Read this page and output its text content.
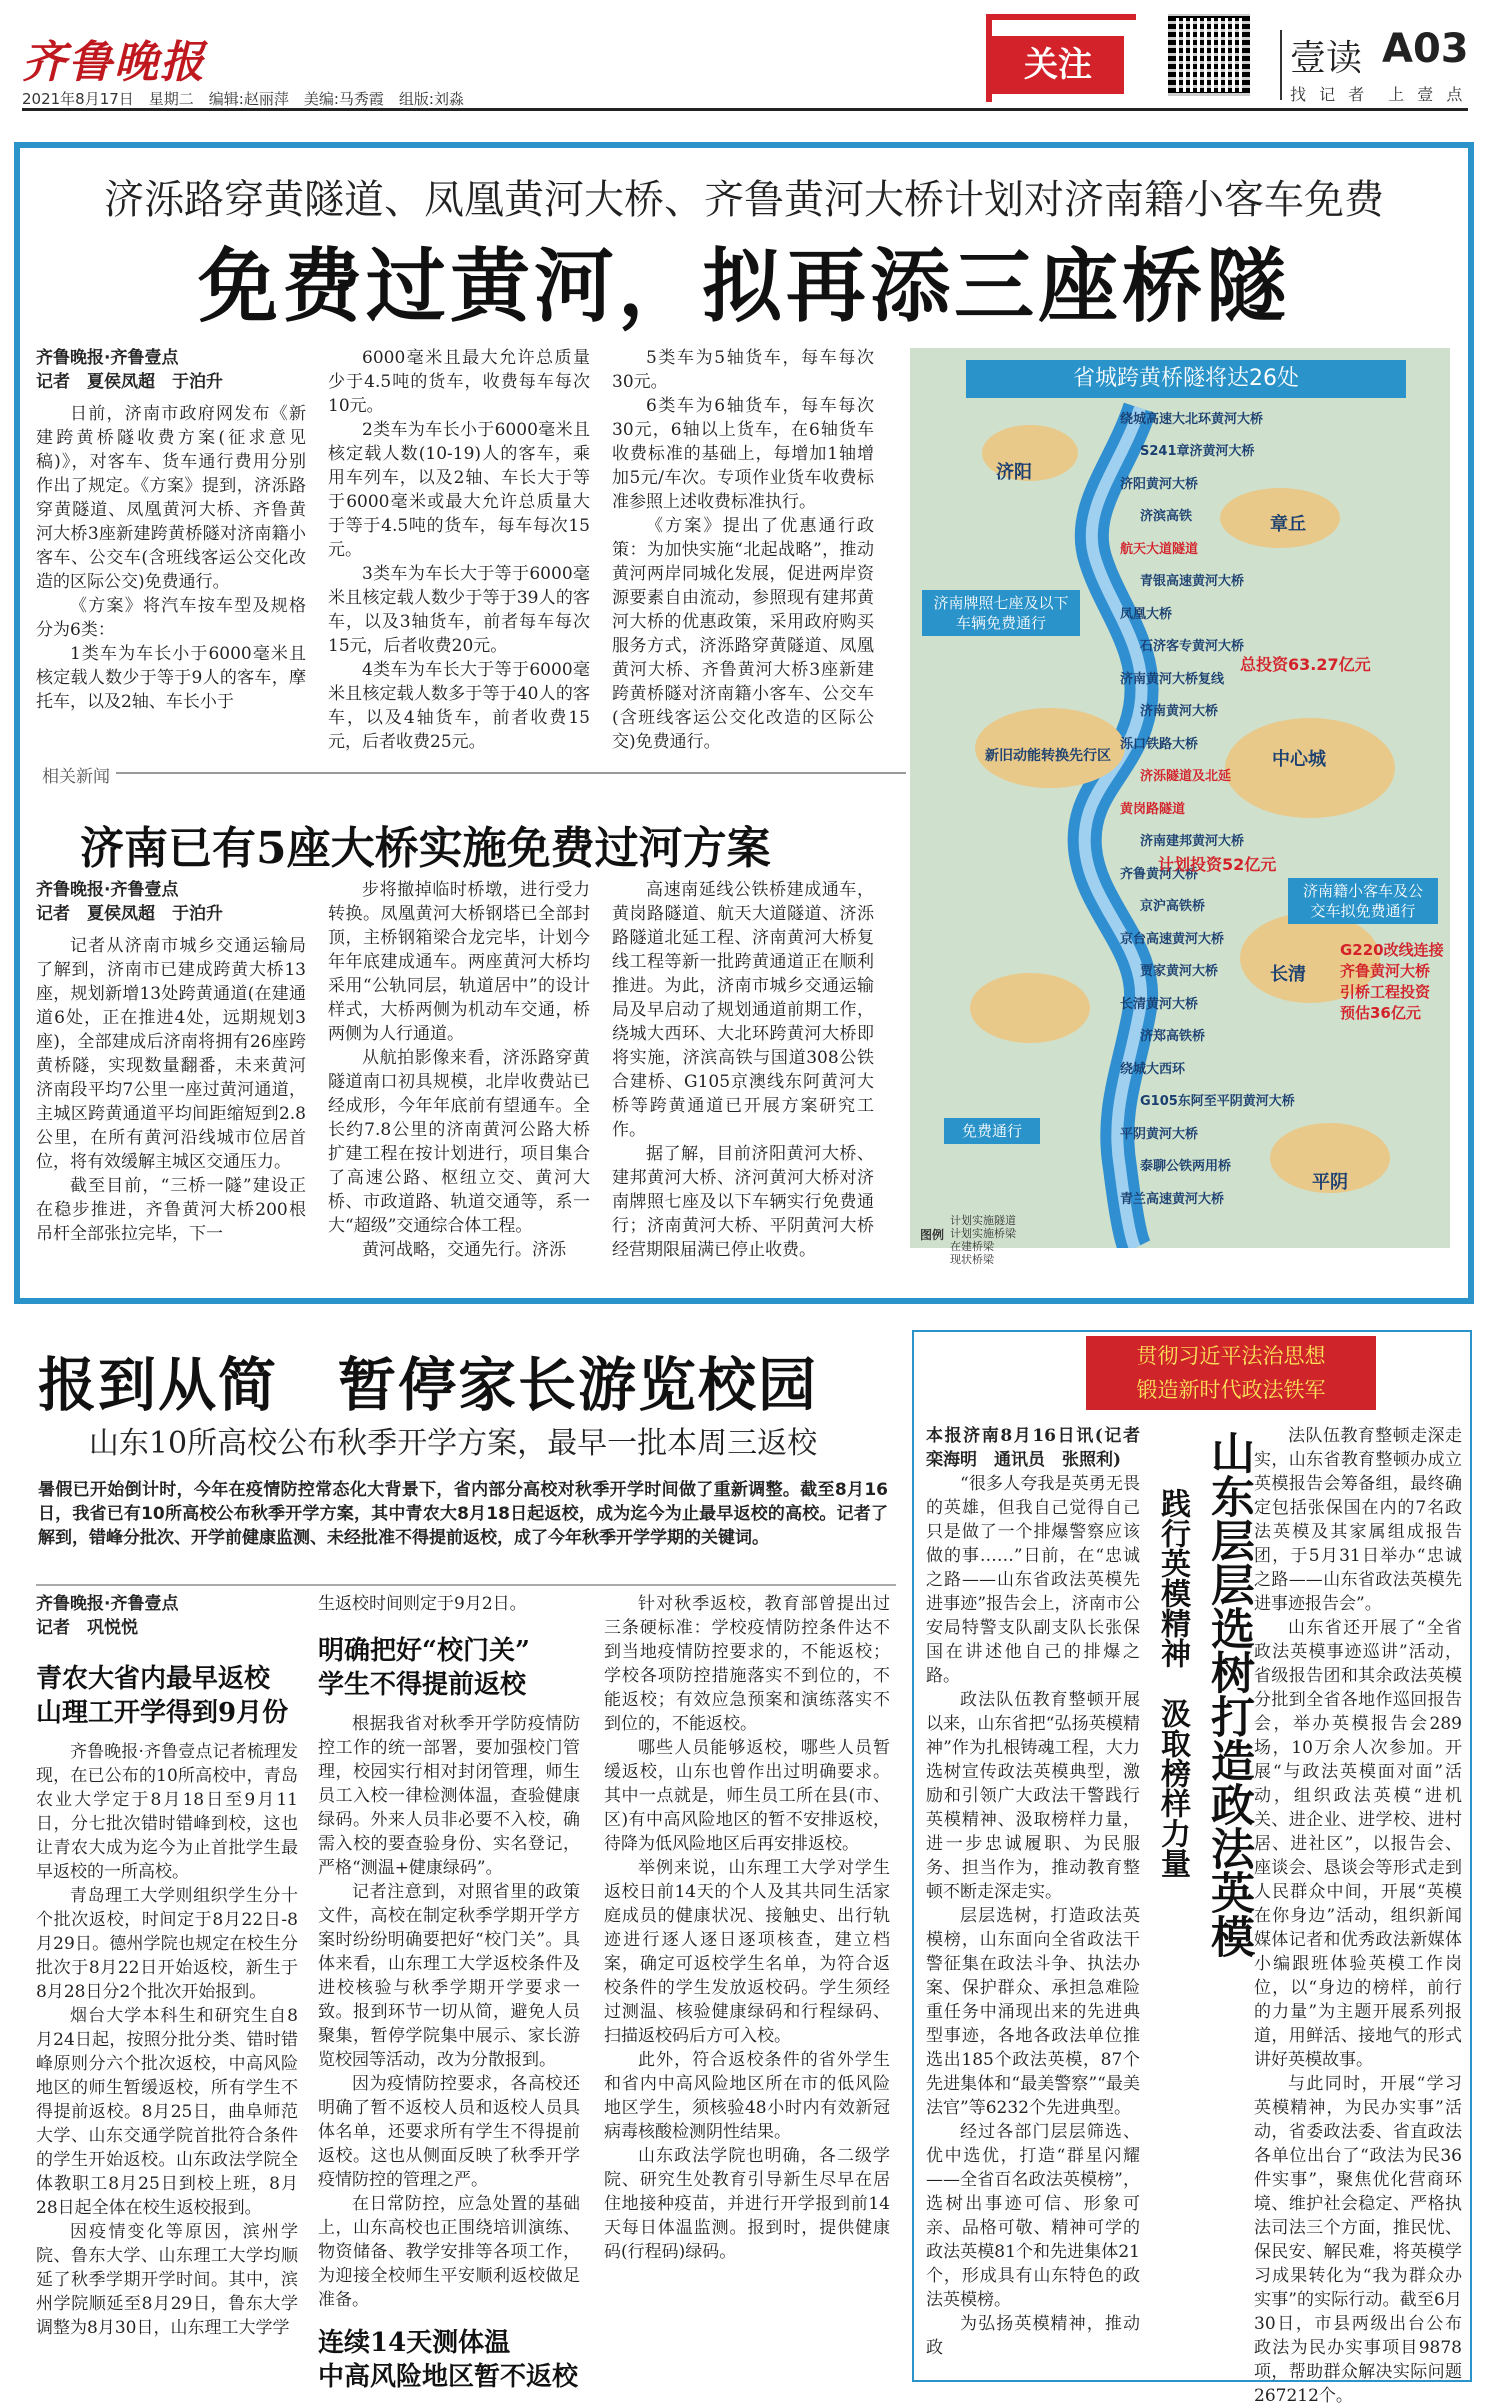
齐鲁晚报
2021年8月17日　星期二　编辑:赵丽萍　美编:马秀霞　组版:刘淼
关注	壹读 A03
找 记 者　上 壹 点
济泺路穿黄隧道、凤凰黄河大桥、齐鲁黄河大桥计划对济南籍小客车免费
免费过黄河，拟再添三座桥隧
齐鲁晚报·齐鲁壹点
记者　夏侯凤超　于泊升

日前，济南市政府网发布《新建跨黄桥隧收费方案(征求意见稿)》，对客车、货车通行费用分别作出了规定。《方案》提到，济泺路穿黄隧道、凤凰黄河大桥、齐鲁黄河大桥3座新建跨黄桥隧对济南籍小客车、公交车(含班线客运公交化改造的区际公交)免费通行。

《方案》将汽车按车型及规格分为6类：

1类车为车长小于6000毫米且核定载人数少于等于9人的客车，摩托车，以及2轴、车长小于

6000毫米且最大允许总质量少于4.5吨的货车，收费每车每次10元。

2类车为车长小于6000毫米且核定载人数(10-19)人的客车，乘用车列车，以及2轴、车长大于等于6000毫米或最大允许总质量大于等于4.5吨的货车，每车每次15元。

3类车为车长大于等于6000毫米且核定载人数少于等于39人的客车，以及3轴货车，前者每车每次15元，后者收费20元。

4类车为车长大于等于6000毫米且核定载人数多于等于40人的客车，以及4轴货车，前者收费15元，后者收费25元。

5类车为5轴货车，每车每次30元。

6类车为6轴货车，每车每次30元，6轴以上货车，在6轴货车收费标准的基础上，每增加1轴增加5元/车次。专项作业货车收费标准参照上述收费标准执行。

《方案》提出了优惠通行政策：为加快实施“北起战略”，推动黄河两岸同城化发展，促进两岸资源要素自由流动，参照现有建邦黄河大桥的优惠政策，采用政府购买服务方式，济泺路穿黄隧道、凤凰黄河大桥、齐鲁黄河大桥3座新建跨黄桥隧对济南籍小客车、公交车(含班线客运公交化改造的区际公交)免费通行。

相关新闻
济南已有5座大桥实施免费过河方案
齐鲁晚报·齐鲁壹点
记者　夏侯凤超　于泊升

记者从济南市城乡交通运输局了解到，济南市已建成跨黄大桥13座，规划新增13处跨黄通道(在建通道6处，正在推进4处，远期规划3座)，全部建成后济南将拥有26座跨黄桥隧，实现数量翻番，未来黄河济南段平均7公里一座过黄河通道，主城区跨黄通道平均间距缩短到2.8公里，在所有黄河沿线城市位居首位，将有效缓解主城区交通压力。

截至目前，“三桥一隧”建设正在稳步推进，齐鲁黄河大桥200根吊杆全部张拉完毕，下一

步将撤掉临时桥墩，进行受力转换。凤凰黄河大桥钢塔已全部封顶，主桥钢箱梁合龙完毕，计划今年年底建成通车。两座黄河大桥均采用“公轨同层，轨道居中”的设计样式，大桥两侧为机动车交通，桥两侧为人行通道。

从航拍影像来看，济泺路穿黄隧道南口初具规模，北岸收费站已经成形，今年年底前有望通车。全长约7.8公里的济南黄河公路大桥扩建工程在按计划进行，项目集合了高速公路、枢纽立交、黄河大桥、市政道路、轨道交通等，系一大“超级”交通综合体工程。

黄河战略，交通先行。济泺

高速南延线公铁桥建成通车，黄岗路隧道、航天大道隧道、济泺路隧道北延工程、济南黄河大桥复线工程等新一批跨黄通道正在顺利推进。为此，济南市城乡交通运输局及早启动了规划通道前期工作，绕城大西环、大北环跨黄河大桥即将实施，济滨高铁与国道308公铁合建桥、G105京澳线东阿黄河大桥等跨黄通道已开展方案研究工作。

据了解，目前济阳黄河大桥、建邦黄河大桥、济河黄河大桥对济南牌照七座及以下车辆实行免费通行；济南黄河大桥、平阴黄河大桥经营期限届满已停止收费。

省城跨黄桥隧将达26处
绕城高速大北环黄河大桥
S241章济黄河大桥
济阳黄河大桥
济滨高铁
航天大道隧道
青银高速黄河大桥
凤凰大桥
石济客专黄河大桥
济南黄河大桥复线
济南黄河大桥
泺口铁路大桥
济泺隧道及北延
黄岗路隧道
济南建邦黄河大桥
齐鲁黄河大桥
京沪高铁桥
京台高速黄河大桥
贾家黄河大桥
长清黄河大桥
济郑高铁桥
绕城大西环
G105东阿至平阴黄河大桥
平阴黄河大桥
泰聊公铁两用桥
青兰高速黄河大桥
济阳
章丘
新旧动能转换先行区	中心城
长清
平阴
济南牌照七座及以下车辆免费通行
总投资63.27亿元
计划投资52亿元
济南籍小客车及公交车拟免费通行
G220改线连接齐鲁黄河大桥引桥工程投资预估36亿元
免费通行
图例
计划实施隧道
计划实施桥梁
在建桥梁
现状桥梁
报到从简　暂停家长游览校园
山东10所高校公布秋季开学方案，最早一批本周三返校
暑假已开始倒计时，今年在疫情防控常态化大背景下，省内部分高校对秋季开学时间做了重新调整。截至8月16日，我省已有10所高校公布秋季开学方案，其中青农大8月18日起返校，成为迄今为止最早返校的高校。记者了解到，错峰分批次、开学前健康监测、未经批准不得提前返校，成了今年秋季开学学期的关键词。
齐鲁晚报·齐鲁壹点
记者　巩悦悦
青农大省内最早返校
山理工开学得到9月份

齐鲁晚报·齐鲁壹点记者梳理发现，在已公布的10所高校中，青岛农业大学定于8月18日至9月11日，分七批次错时错峰到校，这也让青农大成为迄今为止首批学生最早返校的一所高校。

青岛理工大学则组织学生分十个批次返校，时间定于8月22日-8月29日。德州学院也规定在校生分批次于8月22日开始返校，新生于8月28日分2个批次开始报到。

烟台大学本科生和研究生自8月24日起，按照分批分类、错时错峰原则分六个批次返校，中高风险地区的师生暂缓返校，所有学生不得提前返校。8月25日，曲阜师范大学、山东交通学院首批符合条件的学生开始返校。山东政法学院全体教职工8月25日到校上班，8月28日起全体在校生返校报到。

因疫情变化等原因，滨州学院、鲁东大学、山东理工大学均顺延了秋季学期开学时间。其中，滨州学院顺延至8月29日，鲁东大学调整为8月30日，山东理工大学学

生返校时间则定于9月2日。
明确把好“校门关”
学生不得提前返校

根据我省对秋季开学防疫情防控工作的统一部署，要加强校门管理，校园实行相对封闭管理，师生员工入校一律检测体温，查验健康绿码。外来人员非必要不入校，确需入校的要查验身份、实名登记，严格“测温+健康绿码”。

记者注意到，对照省里的政策文件，高校在制定秋季学期开学方案时纷纷明确要把好“校门关”。具体来看，山东理工大学返校条件及进校核验与秋季学期开学要求一致。报到环节一切从简，避免人员聚集，暂停学院集中展示、家长游览校园等活动，改为分散报到。

因为疫情防控要求，各高校还明确了暂不返校人员和返校人员具体名单，还要求所有学生不得提前返校。这也从侧面反映了秋季开学疫情防控的管理之严。

在日常防控，应急处置的基础上，山东高校也正围绕培训演练、物资储备、教学安排等各项工作，为迎接全校师生平安顺利返校做足准备。

连续14天测体温
中高风险地区暂不返校

针对秋季返校，教育部曾提出过三条硬标准：学校疫情防控条件达不到当地疫情防控要求的，不能返校；学校各项防控措施落实不到位的，不能返校；有效应急预案和演练落实不到位的，不能返校。

哪些人员能够返校，哪些人员暂缓返校，山东也曾作出过明确要求。其中一点就是，师生员工所在县(市、区)有中高风险地区的暂不安排返校，待降为低风险地区后再安排返校。

举例来说，山东理工大学对学生返校日前14天的个人及其共同生活家庭成员的健康状况、接触史、出行轨迹进行逐人逐日逐项核查，建立档案，确定可返校学生名单，为符合返校条件的学生发放返校码。学生须经过测温、核验健康绿码和行程绿码、扫描返校码后方可入校。

此外，符合返校条件的省外学生和省内中高风险地区所在市的低风险地区学生，须核验48小时内有效新冠病毒核酸检测阴性结果。

山东政法学院也明确，各二级学院、研究生处教育引导新生尽早在居住地接种疫苗，并进行开学报到前14天每日体温监测。报到时，提供健康码(行程码)绿码。

贯彻习近平法治思想
锻造新时代政法铁军
本报济南8月16日讯(记者　栾海明　通讯员　张照利)

“很多人夸我是英勇无畏的英雄，但我自己觉得自己只是做了一个排爆警察应该做的事……”日前，在“忠诚之路——山东省政法英模先进事迹”报告会上，济南市公安局特警支队副支队长张保国在讲述他自己的排爆之路。

政法队伍教育整顿开展以来，山东省把“弘扬英模精神”作为扎根铸魂工程，大力选树宣传政法英模典型，激励和引领广大政法干警践行英模精神、汲取榜样力量，进一步忠诚履职、为民服务、担当作为，推动教育整顿不断走深走实。

层层选树，打造政法英模榜，山东面向全省政法干警征集在政法斗争、执法办案、保护群众、承担急难险重任务中涌现出来的先进典型事迹，各地各政法单位推选出185个政法英模，87个先进集体和“最美警察”“最美法官”等6232个先进典型。

经过各部门层层筛选、优中选优，打造“群星闪耀——全省百名政法英模榜”，选树出事迹可信、形象可亲、品格可敬、精神可学的政法英模81个和先进集体21个，形成具有山东特色的政法英模榜。

为弘扬英模精神，推动政

山东层层选树打造政法英模
践行英模精神　汲取榜样力量

法队伍教育整顿走深走实，山东省教育整顿办成立英模报告会筹备组，最终确定包括张保国在内的7名政法英模及其家属组成报告团，于5月31日举办“忠诚之路——山东省政法英模先进事迹报告会”。

山东省还开展了“全省政法英模事迹巡讲”活动，省级报告团和其余政法英模分批到全省各地作巡回报告会，举办英模报告会289场，10万余人次参加。开展“与政法英模面对面”活动，组织政法英模“进机关、进企业、进学校、进村居、进社区”，以报告会、座谈会、恳谈会等形式走到人民群众中间，开展“英模在你身边”活动，组织新闻媒体记者和优秀政法新媒体小编跟班体验英模工作岗位，以“身边的榜样，前行的力量”为主题开展系列报道，用鲜活、接地气的形式讲好英模故事。

与此同时，开展“学习英模精神，为民办实事”活动，省委政法委、省直政法各单位出台了“政法为民36件实事”，聚焦优化营商环境、维护社会稳定、严格执法司法三个方面，推民忧、保民安、解民难，将英模学习成果转化为“我为群众办实事”的实际行动。截至6月30日，市县两级出台公布政法为民办实事项目9878项，帮助群众解决实际问题267212个。
